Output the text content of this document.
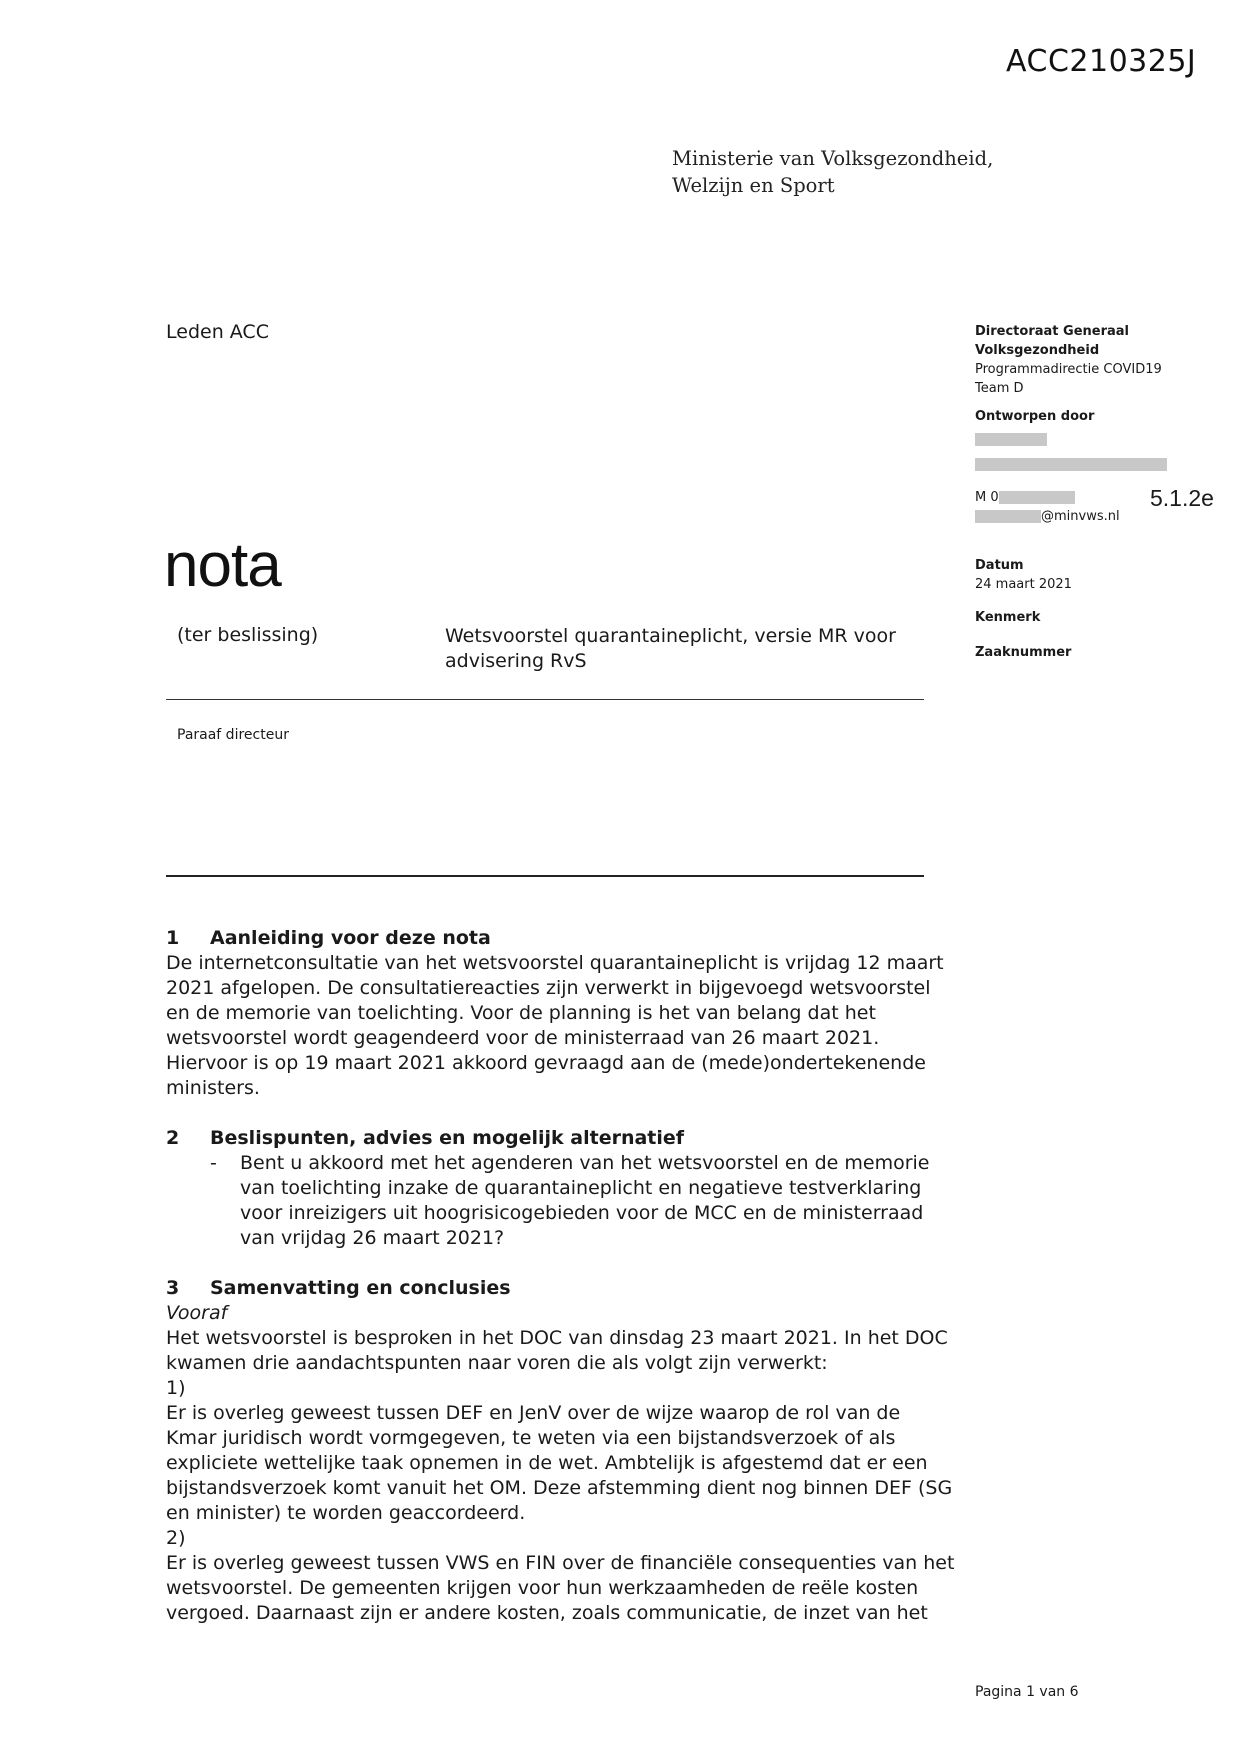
ACC210325J
Ministerie van Volksgezondheid,
Welzijn en Sport
Leden ACC
nota
(ter beslissing)	Wetsvoorstel quarantaineplicht, versie MR voor advisering RvS
Paraaf directeur
Directoraat Generaal
Volksgezondheid
Programmadirectie COVID19
Team D
Ontworpen door
M 0
@minvws.nl
Datum
24 maart 2021
Kenmerk
Zaaknummer
5.1.2e
1 Aanleiding voor deze nota

De internetconsultatie van het wetsvoorstel quarantaineplicht is vrijdag 12 maart 2021 afgelopen. De consultatiereacties zijn verwerkt in bijgevoegd wetsvoorstel en de memorie van toelichting. Voor de planning is het van belang dat het wetsvoorstel wordt geagendeerd voor de ministerraad van 26 maart 2021. Hiervoor is op 19 maart 2021 akkoord gevraagd aan de (mede)ondertekenende ministers.

2 Beslispunten, advies en mogelijk alternatief
-	Bent u akkoord met het agenderen van het wetsvoorstel en de memorie van toelichting inzake de quarantaineplicht en negatieve testverklaring voor inreizigers uit hoogrisicogebieden voor de MCC en de ministerraad van vrijdag 26 maart 2021?
3 Samenvatting en conclusies
Vooraf

Het wetsvoorstel is besproken in het DOC van dinsdag 23 maart 2021. In het DOC kwamen drie aandachtspunten naar voren die als volgt zijn verwerkt:

1)

Er is overleg geweest tussen DEF en JenV over de wijze waarop de rol van de Kmar juridisch wordt vormgegeven, te weten via een bijstandsverzoek of als expliciete wettelijke taak opnemen in de wet. Ambtelijk is afgestemd dat er een bijstandsverzoek komt vanuit het OM. Deze afstemming dient nog binnen DEF (SG en minister) te worden geaccordeerd.

2)

Er is overleg geweest tussen VWS en FIN over de financiële consequenties van het wetsvoorstel. De gemeenten krijgen voor hun werkzaamheden de reële kosten vergoed. Daarnaast zijn er andere kosten, zoals communicatie, de inzet van het

Pagina 1 van 6
